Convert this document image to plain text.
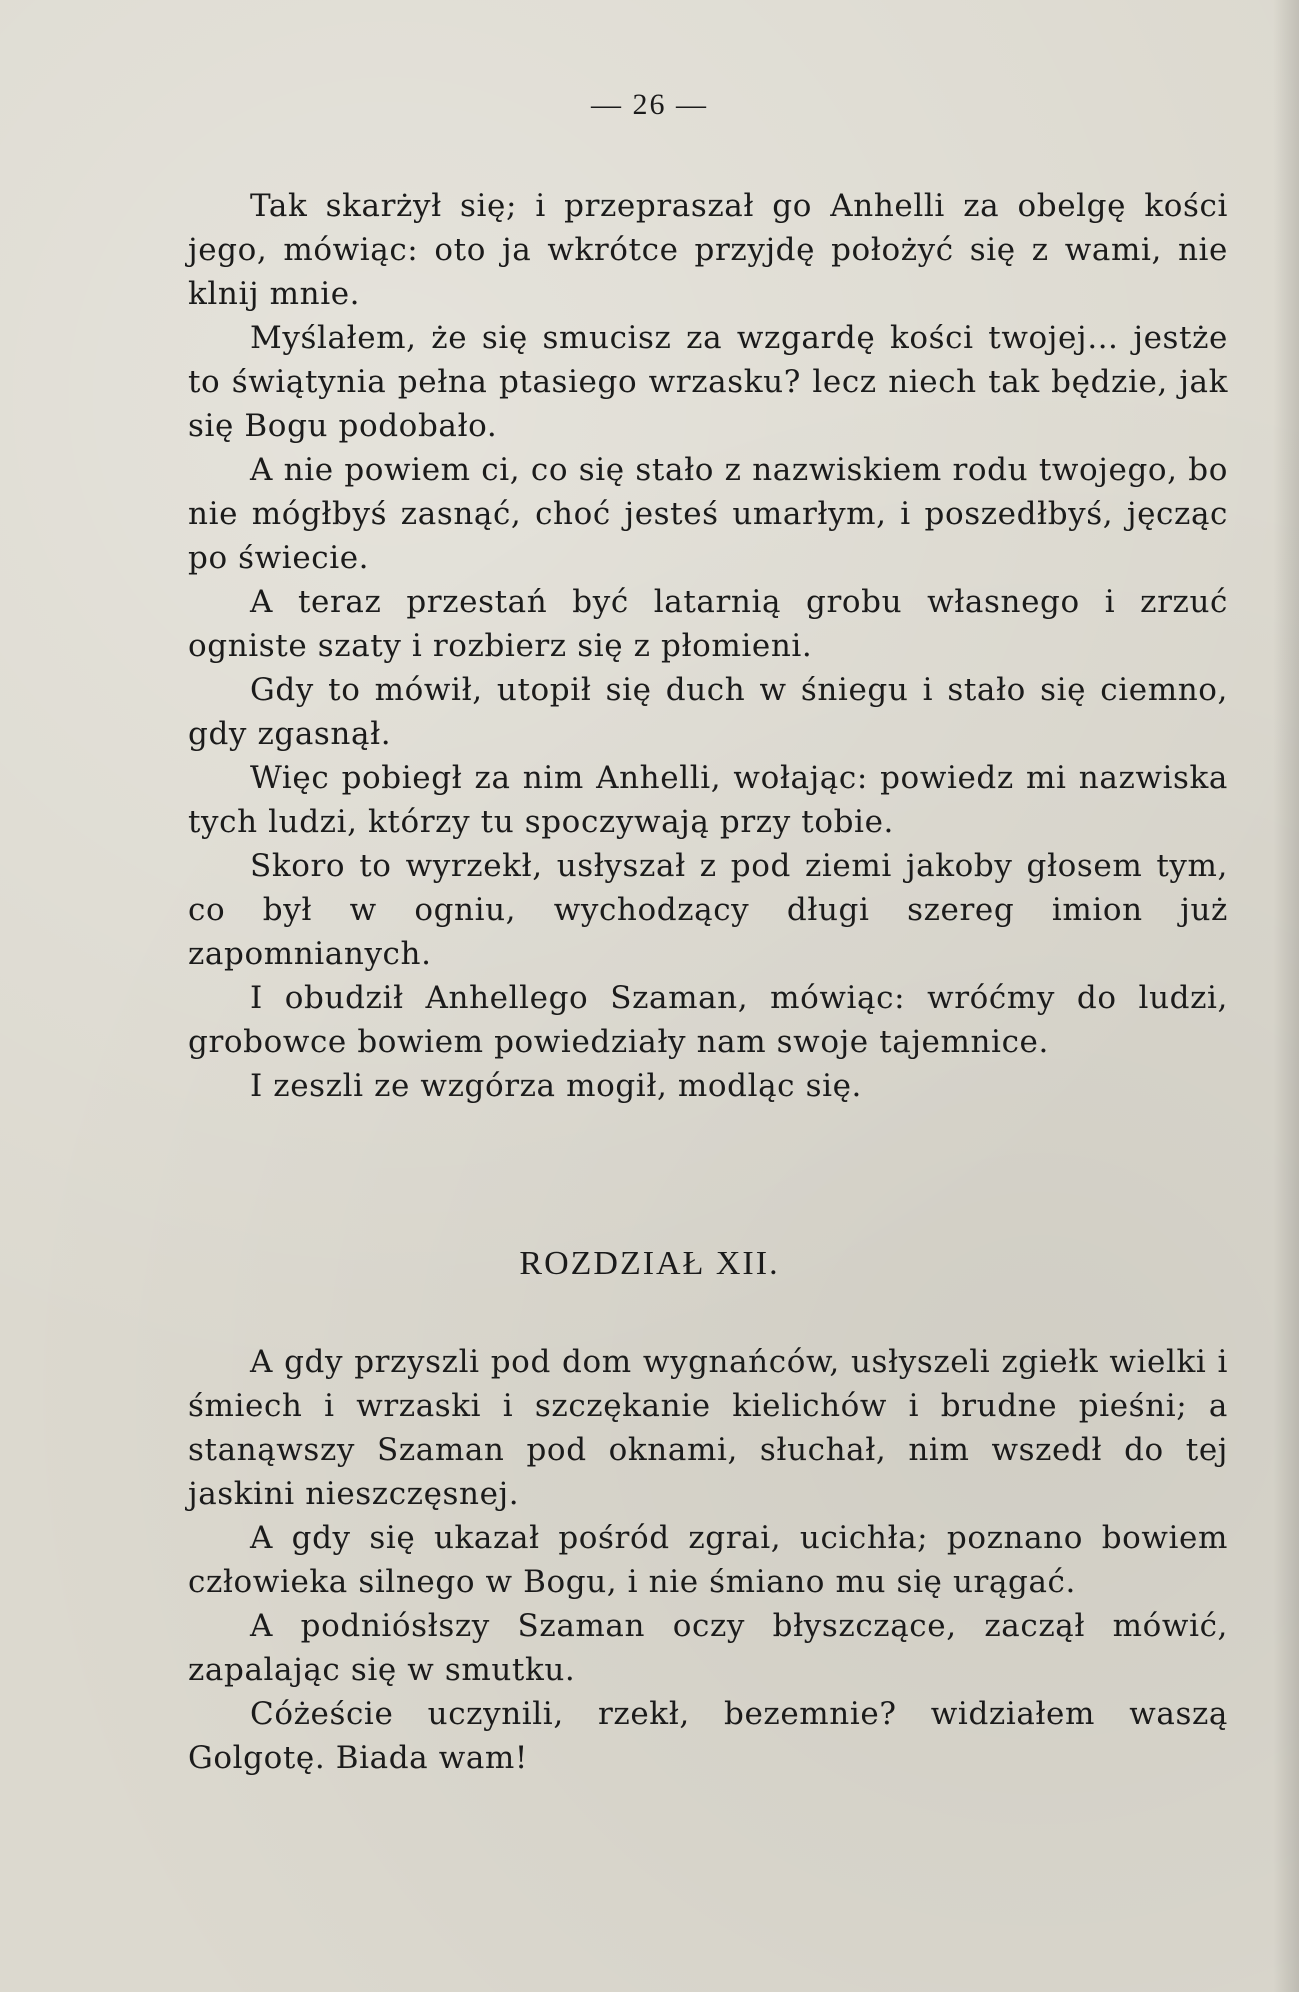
— 26 —

Tak skarżył się; i przepraszał go Anhelli za obelgę kości jego, mówiąc: oto ja wkrótce przyjdę położyć się z wami, nie klnij mnie.

Myślałem, że się smucisz za wzgardę kości twojej… jestże to świątynia pełna ptasiego wrzasku? lecz niech tak będzie, jak się Bogu podobało.

A nie powiem ci, co się stało z nazwiskiem rodu twojego, bo nie mógłbyś zasnąć, choć jesteś umarłym, i poszedłbyś, jęcząc po świecie.

A teraz przestań być latarnią grobu własnego i zrzuć ogniste szaty i rozbierz się z płomieni.

Gdy to mówił, utopił się duch w śniegu i stało się ciemno, gdy zgasnął.

Więc pobiegł za nim Anhelli, wołając: powiedz mi nazwiska tych ludzi, którzy tu spoczywają przy tobie.

Skoro to wyrzekł, usłyszał z pod ziemi jakoby głosem tym, co był w ogniu, wychodzący długi szereg imion już zapomnianych.

I obudził Anhellego Szaman, mówiąc: wróćmy do ludzi, grobowce bowiem powiedziały nam swoje tajemnice.

I zeszli ze wzgórza mogił, modląc się.

ROZDZIAŁ XII.

A gdy przyszli pod dom wygnańców, usłyszeli zgiełk wielki i śmiech i wrzaski i szczękanie kielichów i brudne pieśni; a stanąwszy Szaman pod oknami, słuchał, nim wszedł do tej jaskini nieszczęsnej.

A gdy się ukazał pośród zgrai, ucichła; poznano bowiem człowieka silnego w Bogu, i nie śmiano mu się urągać.

A podniósłszy Szaman oczy błyszczące, zaczął mówić, zapalając się w smutku.

Cóżeście uczynili, rzekł, bezemnie? widziałem waszą Golgotę. Biada wam!
